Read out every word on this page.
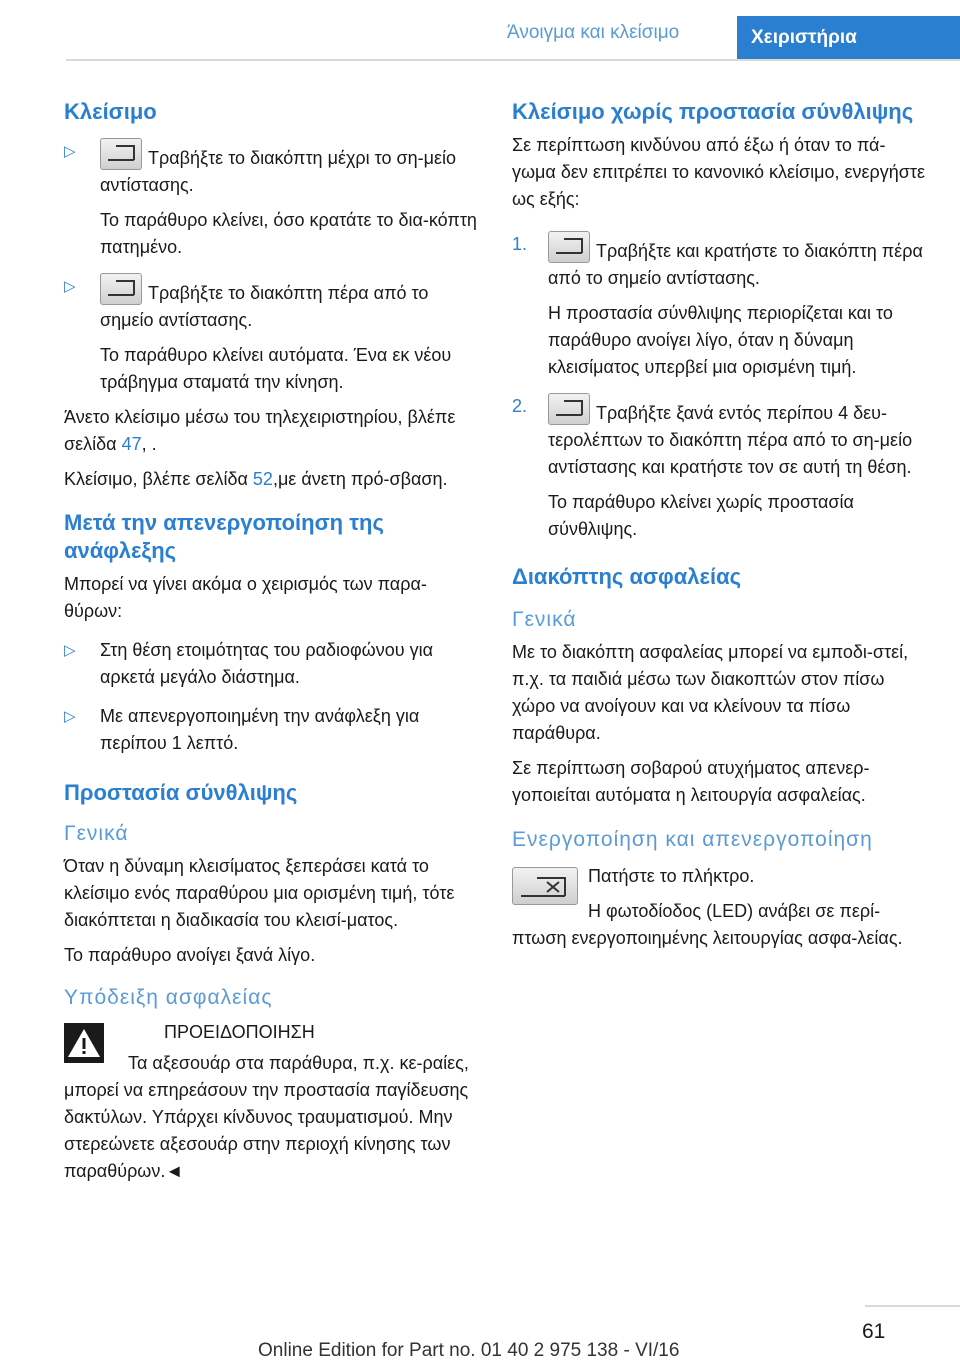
Άνοιγμα και κλείσιμο	Χειριστήρια
Κλείσιμο
▷	Τραβήξτε το διακόπτη μέχρι το ση-μείο αντίστασης.

Το παράθυρο κλείνει, όσο κρατάτε το δια-κόπτη πατημένο.

▷	Τραβήξτε το διακόπτη πέρα από το σημείο αντίστασης.

Το παράθυρο κλείνει αυτόματα. Ένα εκ νέου τράβηγμα σταματά την κίνηση.

Άνετο κλείσιμο μέσω του τηλεχειριστηρίου, βλέπε σελίδα 47, .

Κλείσιμο, βλέπε σελίδα 52,με άνετη πρό-σβαση.

Μετά την απενεργοποίηση της ανάφλεξης

Μπορεί να γίνει ακόμα ο χειρισμός των παρα-θύρων:

▷ Στη θέση ετοιμότητας του ραδιοφώνου για αρκετά μεγάλο διάστημα.
▷ Με απενεργοποιημένη την ανάφλεξη για περίπου 1 λεπτό.
Προστασία σύνθλιψης
Γενικά

Όταν η δύναμη κλεισίματος ξεπεράσει κατά το κλείσιμο ενός παραθύρου μια ορισμένη τιμή, τότε διακόπτεται η διαδικασία του κλεισί-ματος.

Το παράθυρο ανοίγει ξανά λίγο.

Υπόδειξη ασφαλείας

ΠΡΟΕΙΔΟΠΟΙΗΣΗ

Τα αξεσουάρ στα παράθυρα, π.χ. κε-ραίες, μπορεί να επηρεάσουν την προστασία παγίδευσης δακτύλων. Υπάρχει κίνδυνος τραυματισμού. Μην στερεώνετε αξεσουάρ στην περιοχή κίνησης των παραθύρων.◄

Κλείσιμο χωρίς προστασία σύνθλιψης

Σε περίπτωση κινδύνου από έξω ή όταν το πά-γωμα δεν επιτρέπει το κανονικό κλείσιμο, ενεργήστε ως εξής:

1.	Τραβήξτε και κρατήστε το διακόπτη πέρα από το σημείο αντίστασης.

Η προστασία σύνθλιψης περιορίζεται και το παράθυρο ανοίγει λίγο, όταν η δύναμη κλεισίματος υπερβεί μια ορισμένη τιμή.

2.	Τραβήξτε ξανά εντός περίπου 4 δευ-τερολέπτων το διακόπτη πέρα από το ση-μείο αντίστασης και κρατήστε τον σε αυτή τη θέση.

Το παράθυρο κλείνει χωρίς προστασία σύνθλιψης.

Διακόπτης ασφαλείας
Γενικά

Με το διακόπτη ασφαλείας μπορεί να εμποδι-στεί, π.χ. τα παιδιά μέσω των διακοπτών στον πίσω χώρο να ανοίγουν και να κλείνουν τα πίσω παράθυρα.

Σε περίπτωση σοβαρού ατυχήματος απενερ-γοποιείται αυτόματα η λειτουργία ασφαλείας.

Ενεργοποίηση και απενεργοποίηση

Πατήστε το πλήκτρο.

Η φωτοδίοδος (LED) ανάβει σε περί-πτωση ενεργοποιημένης λειτουργίας ασφα-λείας.

61
Online Edition for Part no. 01 40 2 975 138 - VI/16
